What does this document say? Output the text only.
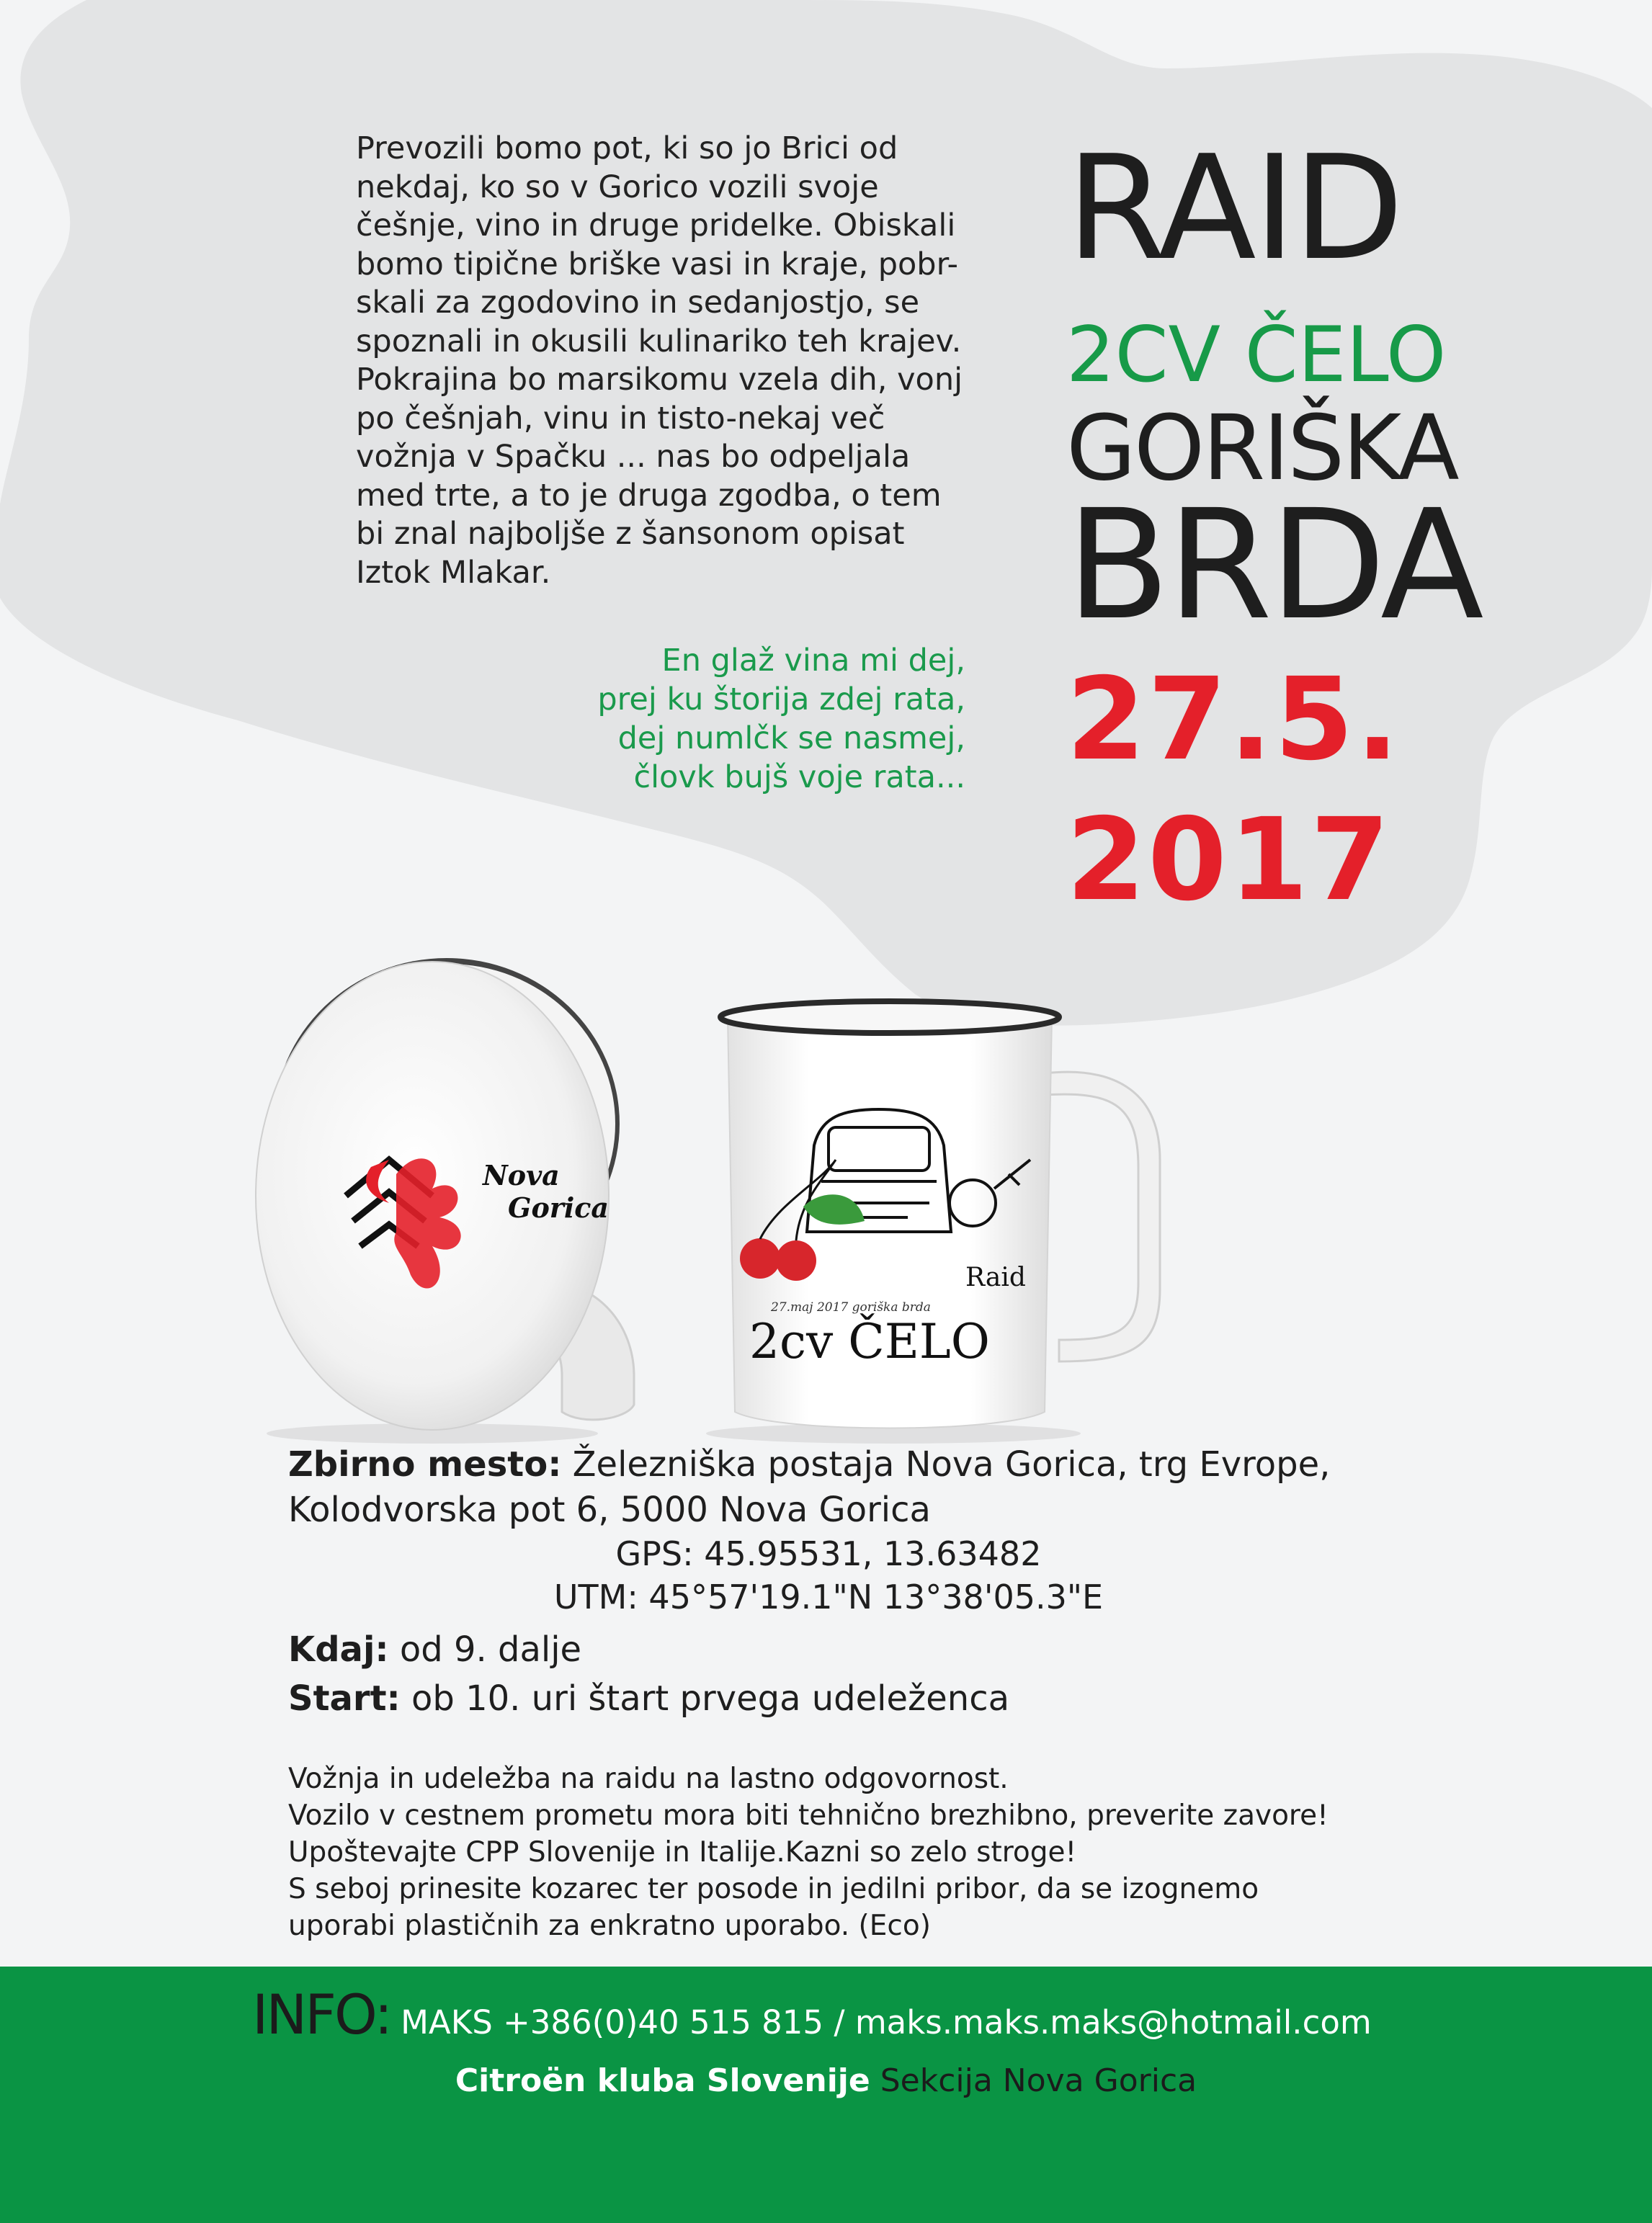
Prevozili bomo pot, ki so jo Brici od
nekdaj, ko so v Gorico vozili svoje
češnje, vino in druge pridelke. Obiskali
bomo tipične briške vasi in kraje, pobr-
skali za zgodovino in sedanjostjo, se
spoznali in okusili kulinariko teh krajev.
Pokrajina bo marsikomu vzela dih, vonj
po češnjah, vinu in tisto-nekaj več
vožnja v Spačku ... nas bo odpeljala
med trte, a to je druga zgodba, o tem
bi znal najboljše z šansonom opisat
Iztok Mlakar.
En glaž vina mi dej,
prej ku štorija zdej rata,
dej numlčk se nasmej,
človk bujš voje rata...
RAID
2CV ČELO
GORIŠKA
BRDA
27.5.
2017
Nova
Gorica
Raid
27.maj 2017 goriška brda
2cv ČELO
Zbirno mesto: Železniška postaja Nova Gorica, trg Evrope,
Kolodvorska pot 6, 5000 Nova Gorica
GPS: 45.95531, 13.63482
UTM: 45°57'19.1"N 13°38'05.3"E
Kdaj: od 9. dalje
Start: ob 10. uri štart prvega udeleženca
Vožnja in udeležba na raidu na lastno odgovornost.
Vozilo v cestnem prometu mora biti tehnično brezhibno, preverite zavore!
Upoštevajte CPP Slovenije in Italije.Kazni so zelo stroge!
S seboj prinesite kozarec ter posode in jedilni pribor, da se izognemo
uporabi plastičnih za enkratno uporabo. (Eco)
INFO: MAKS +386(0)40 515 815 / maks.maks.maks@hotmail.com
Citroën kluba Slovenije Sekcija Nova Gorica
